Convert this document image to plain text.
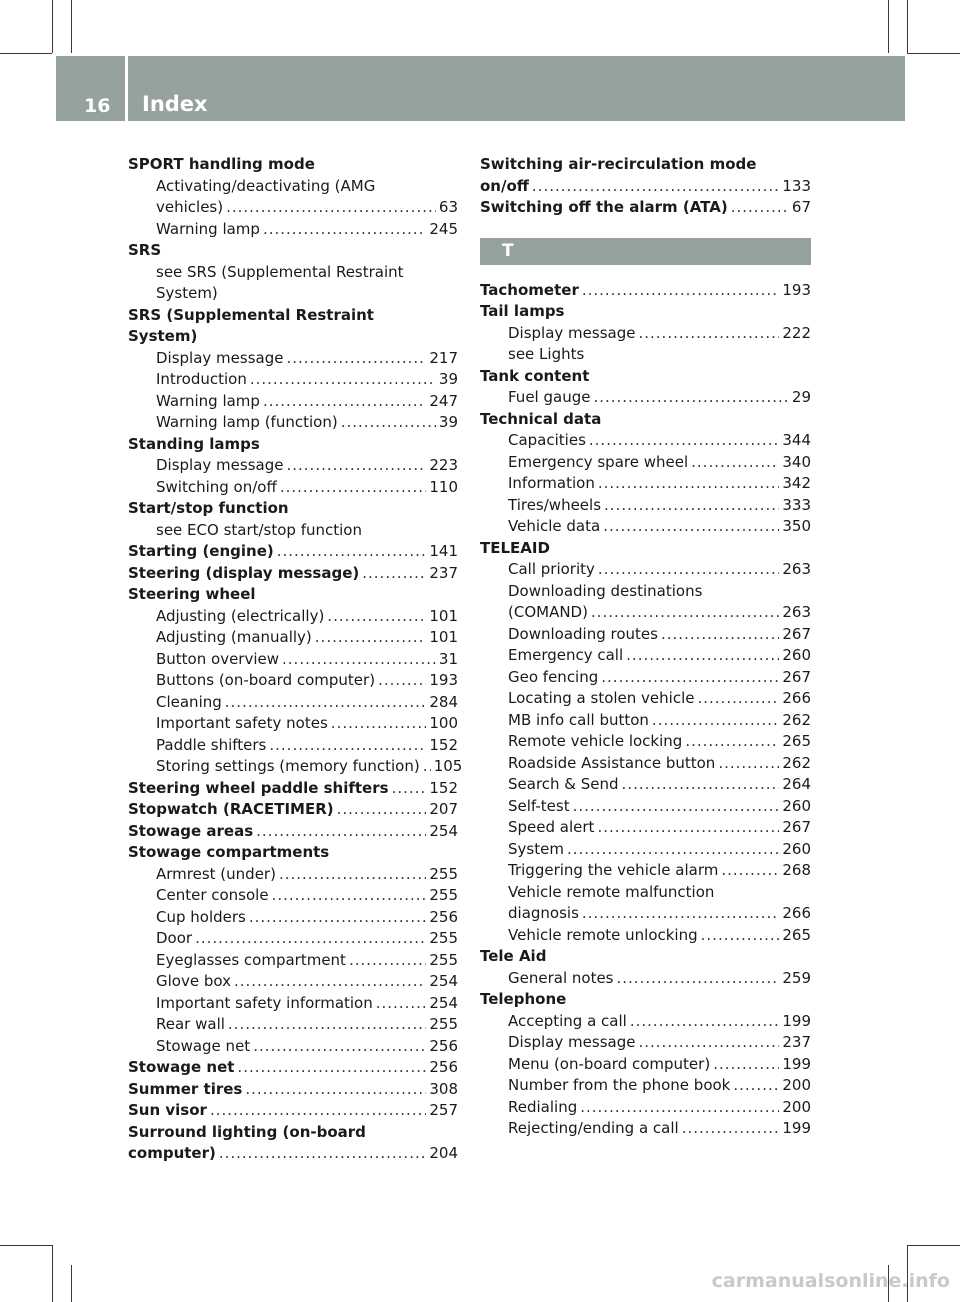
16 Index
SPORT handling mode
Activating/deactivating (AMG
vehicles) .....	63
Warning lamp .....	245
SRS
see SRS (Supplemental Restraint
System)
SRS (Supplemental Restraint
System)
Display message .....	217
Introduction .....	39
Warning lamp .....	247
Warning lamp (function) .....	39
Standing lamps
Display message .....	223
Switching on/off .....	110
Start/stop function
see ECO start/stop function
Starting (engine) .....	141
Steering (display message) .....	237
Steering wheel
Adjusting (electrically) .....	101
Adjusting (manually) .....	101
Button overview .....	31
Buttons (on-board computer) .....	193
Cleaning .....	284
Important safety notes .....	100
Paddle shifters .....	152
Storing settings (memory function) ..... 105
Steering wheel paddle shifters .....	152
Stopwatch (RACETIMER) .....	207
Stowage areas .....	254
Stowage compartments
Armrest (under) .....	255
Center console .....	255
Cup holders .....	256
Door .....	255
Eyeglasses compartment .....	255
Glove box .....	254
Important safety information .....	254
Rear wall .....	255
Stowage net .....	256
Stowage net .....	256
Summer tires .....	308
Sun visor .....	257
Surround lighting (on-board
computer) .....	204
Switching air-recirculation mode
on/off .....	133
Switching off the alarm (ATA) .....	67
T
Tachometer .....	193
Tail lamps
Display message .....	222
see Lights
Tank content
Fuel gauge .....	29
Technical data
Capacities .....	344
Emergency spare wheel .....	340
Information .....	342
Tires/wheels .....	333
Vehicle data .....	350
TELEAID
Call priority .....	263
Downloading destinations
(COMAND) .....	263
Downloading routes .....	267
Emergency call .....	260
Geo fencing .....	267
Locating a stolen vehicle .....	266
MB info call button .....	262
Remote vehicle locking .....	265
Roadside Assistance button .....	262
Search & Send .....	264
Self-test .....	260
Speed alert .....	267
System .....	260
Triggering the vehicle alarm .....	268
Vehicle remote malfunction
diagnosis .....	266
Vehicle remote unlocking .....	265
Tele Aid
General notes .....	259
Telephone
Accepting a call .....	199
Display message .....	237
Menu (on-board computer) .....	199
Number from the phone book .....	200
Redialing .....	200
Rejecting/ending a call .....	199
carmanualsonline.info
